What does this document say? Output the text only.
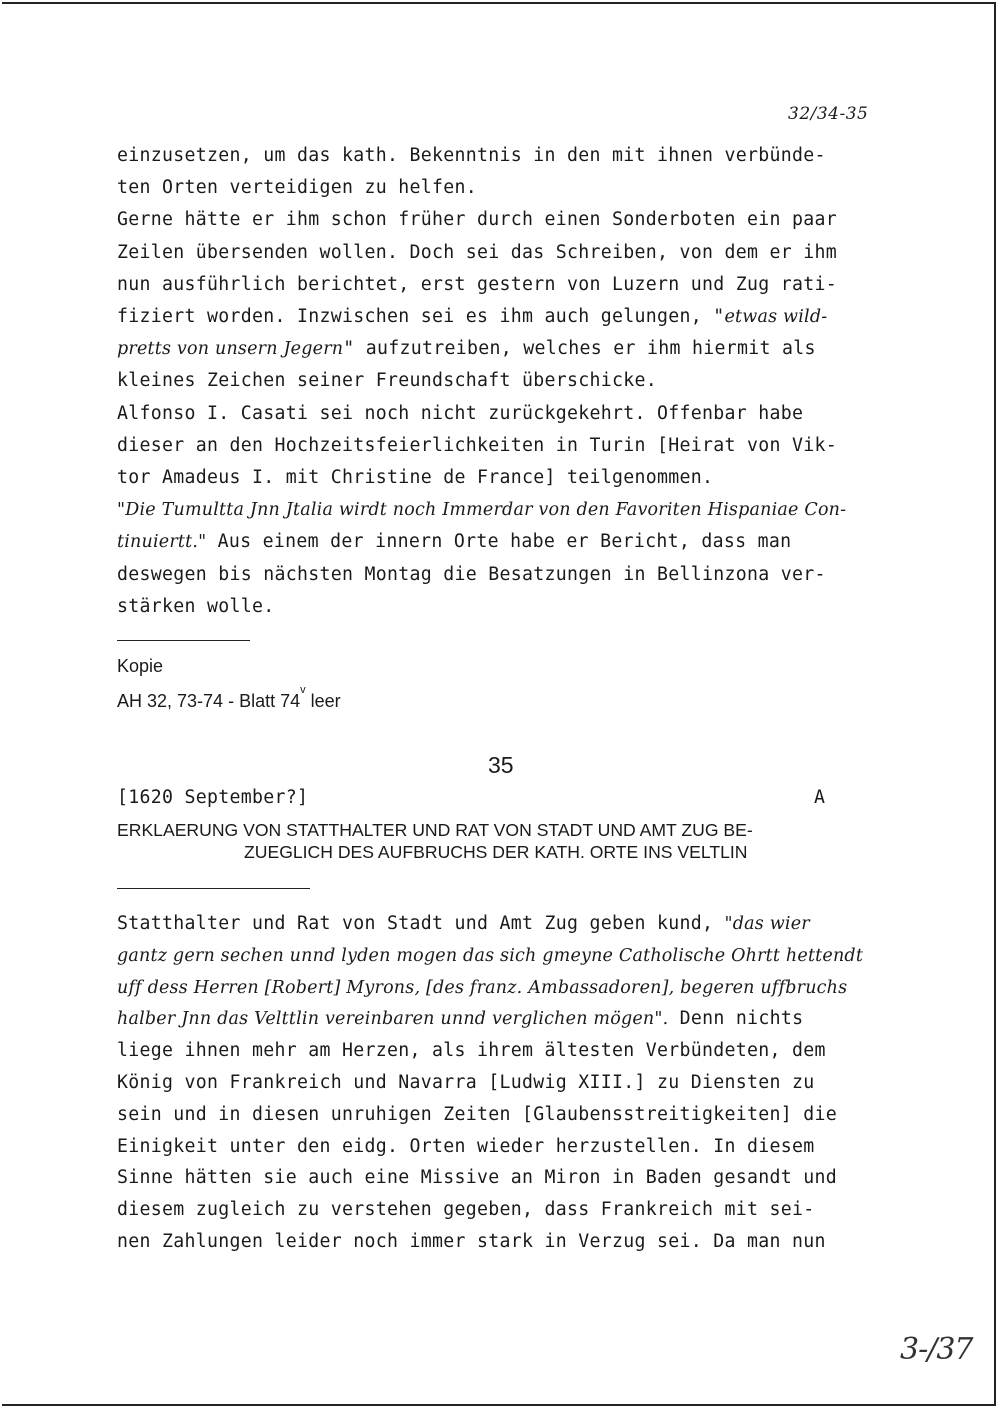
32/34-35
einzusetzen, um das kath. Bekenntnis in den mit ihnen verbünde-
ten Orten verteidigen zu helfen.
Gerne hätte er ihm schon früher durch einen Sonderboten ein paar
Zeilen übersenden wollen. Doch sei das Schreiben, von dem er ihm
nun ausführlich berichtet, erst gestern von Luzern und Zug rati-
fiziert worden. Inzwischen sei es ihm auch gelungen, "etwas wild-
pretts von unsern Jegern" aufzutreiben, welches er ihm hiermit als
kleines Zeichen seiner Freundschaft überschicke.
Alfonso I. Casati sei noch nicht zurückgekehrt. Offenbar habe
dieser an den Hochzeitsfeierlichkeiten in Turin [Heirat von Vik-
tor Amadeus I. mit Christine de France] teilgenommen.
"Die Tumultta Jnn Jtalia wirdt noch Immerdar von den Favoriten Hispaniae Con-
tinuiertt." Aus einem der innern Orte habe er Bericht, dass man
deswegen bis nächsten Montag die Besatzungen in Bellinzona ver-
stärken wolle.
Kopie
AH 32, 73-74 - Blatt 74$^v$ leer
35
[1620 September?]	A
ERKLAERUNG VON STATTHALTER UND RAT VON STADT UND AMT ZUG BE-
ZUEGLICH DES AUFBRUCHS DER KATH. ORTE INS VELTLIN
Statthalter und Rat von Stadt und Amt Zug geben kund, "das wier
gantz gern sechen unnd lyden mogen das sich gmeyne Catholische Ohrtt hettendt
uff dess Herren [Robert] Myrons, [des franz. Ambassadoren], begeren uffbruchs
halber Jnn das Velttlin vereinbaren unnd verglichen mögen". Denn nichts
liege ihnen mehr am Herzen, als ihrem ältesten Verbündeten, dem
König von Frankreich und Navarra [Ludwig XIII.] zu Diensten zu
sein und in diesen unruhigen Zeiten [Glaubensstreitigkeiten] die
Einigkeit unter den eidg. Orten wieder herzustellen. In diesem
Sinne hätten sie auch eine Missive an Miron in Baden gesandt und
diesem zugleich zu verstehen gegeben, dass Frankreich mit sei-
nen Zahlungen leider noch immer stark in Verzug sei. Da man nun
3-/37
